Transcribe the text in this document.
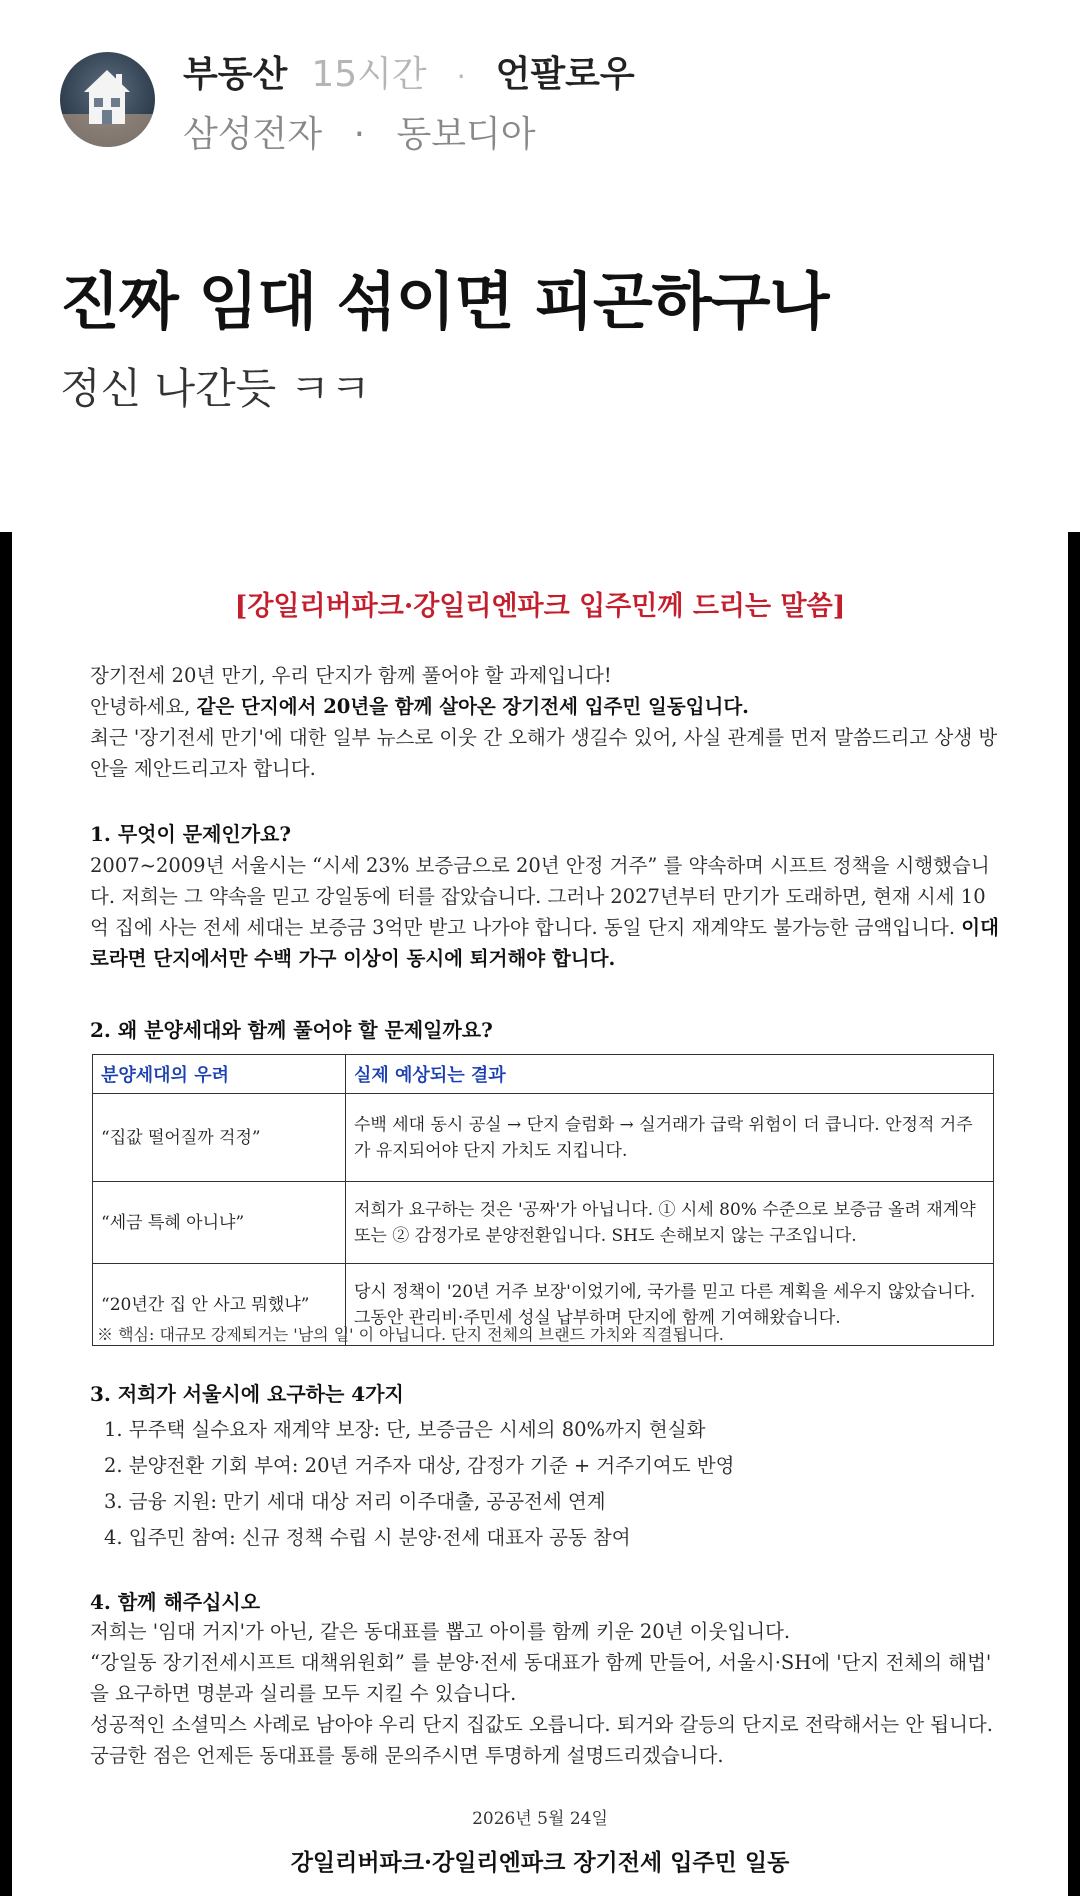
부동산 15시간 · 언팔로우
삼성전자 · 동보디아
진짜 임대 섞이면 피곤하구나

정신 나간듯 ㅋㅋ

[강일리버파크·강일리엔파크 입주민께 드리는 말씀]
장기전세 20년 만기, 우리 단지가 함께 풀어야 할 과제입니다!
안녕하세요, 같은 단지에서 20년을 함께 살아온 장기전세 입주민 일동입니다.
최근 '장기전세 만기'에 대한 일부 뉴스로 이웃 간 오해가 생길수 있어, 사실 관계를 먼저 말씀드리고 상생 방안을 제안드리고자 합니다.
1. 무엇이 문제인가요?
2007~2009년 서울시는 “시세 23% 보증금으로 20년 안정 거주” 를 약속하며 시프트 정책을 시행했습니다. 저희는 그 약속을 믿고 강일동에 터를 잡았습니다. 그러나 2027년부터 만기가 도래하면, 현재 시세 10억 집에 사는 전세 세대는 보증금 3억만 받고 나가야 합니다. 동일 단지 재계약도 불가능한 금액입니다. 이대로라면 단지에서만 수백 가구 이상이 동시에 퇴거해야 합니다.
2. 왜 분양세대와 함께 풀어야 할 문제일까요?
분양세대의 우려	실제 예상되는 결과
“집값 떨어질까 걱정”	수백 세대 동시 공실 → 단지 슬럼화 → 실거래가 급락 위험이 더 큽니다. 안정적 거주가 유지되어야 단지 가치도 지킵니다.
“세금 특혜 아니냐”	저희가 요구하는 것은 '공짜'가 아닙니다. ① 시세 80% 수준으로 보증금 올려 재계약 또는 ② 감정가로 분양전환입니다. SH도 손해보지 않는 구조입니다.
“20년간 집 안 사고 뭐했냐”	당시 정책이 '20년 거주 보장'이었기에, 국가를 믿고 다른 계획을 세우지 않았습니다. 그동안 관리비·주민세 성실 납부하며 단지에 함께 기여해왔습니다.
※ 핵심: 대규모 강제퇴거는 '남의 일' 이 아닙니다. 단지 전체의 브랜드 가치와 직결됩니다.
3. 저희가 서울시에 요구하는 4가지
1. 무주택 실수요자 재계약 보장: 단, 보증금은 시세의 80%까지 현실화
2. 분양전환 기회 부여: 20년 거주자 대상, 감정가 기준 + 거주기여도 반영
3. 금융 지원: 만기 세대 대상 저리 이주대출, 공공전세 연계
4. 입주민 참여: 신규 정책 수립 시 분양·전세 대표자 공동 참여
4. 함께 해주십시오
저희는 '임대 거지'가 아닌, 같은 동대표를 뽑고 아이를 함께 키운 20년 이웃입니다.
“강일동 장기전세시프트 대책위원회” 를 분양·전세 동대표가 함께 만들어, 서울시·SH에 '단지 전체의 해법' 을 요구하면 명분과 실리를 모두 지킬 수 있습니다.
성공적인 소셜믹스 사례로 남아야 우리 단지 집값도 오릅니다. 퇴거와 갈등의 단지로 전락해서는 안 됩니다. 궁금한 점은 언제든 동대표를 통해 문의주시면 투명하게 설명드리겠습니다.
2026년 5월 24일
강일리버파크·강일리엔파크 장기전세 입주민 일동
